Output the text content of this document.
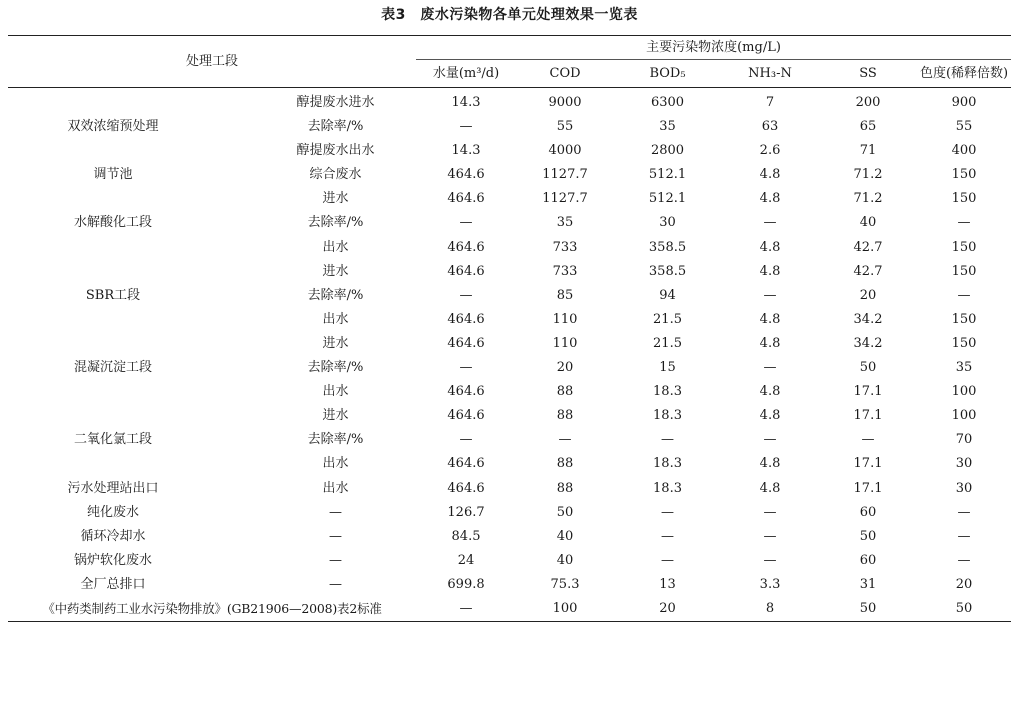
表3　废水污染物各单元处理效果一览表
处理工段		主要污染物浓度(mg/L)					
		水量(m³/d)	COD	BOD₅	NH₃-N	SS	色度(稀释倍数)
	醇提废水进水	14.3	9000	6300	7	200	900
双效浓缩预处理	去除率/%	—	55	35	63	65	55
	醇提废水出水	14.3	4000	2800	2.6	71	400
调节池	综合废水	464.6	1127.7	512.1	4.8	71.2	150
	进水	464.6	1127.7	512.1	4.8	71.2	150
水解酸化工段	去除率/%	—	35	30	—	40	—
	出水	464.6	733	358.5	4.8	42.7	150
	进水	464.6	733	358.5	4.8	42.7	150
SBR工段	去除率/%	—	85	94	—	20	—
	出水	464.6	110	21.5	4.8	34.2	150
	进水	464.6	110	21.5	4.8	34.2	150
混凝沉淀工段	去除率/%	—	20	15	—	50	35
	出水	464.6	88	18.3	4.8	17.1	100
	进水	464.6	88	18.3	4.8	17.1	100
二氧化氯工段	去除率/%	—	—	—	—	—	70
	出水	464.6	88	18.3	4.8	17.1	30
污水处理站出口	出水	464.6	88	18.3	4.8	17.1	30
纯化废水	—	126.7	50	—	—	60	—
循环冷却水	—	84.5	40	—	—	50	—
锅炉软化废水	—	24	40	—	—	60	—
全厂总排口	—	699.8	75.3	13	3.3	31	20
《中药类制药工业水污染物排放》(GB21906—2008)表2标准		—	100	20	8	50	50
